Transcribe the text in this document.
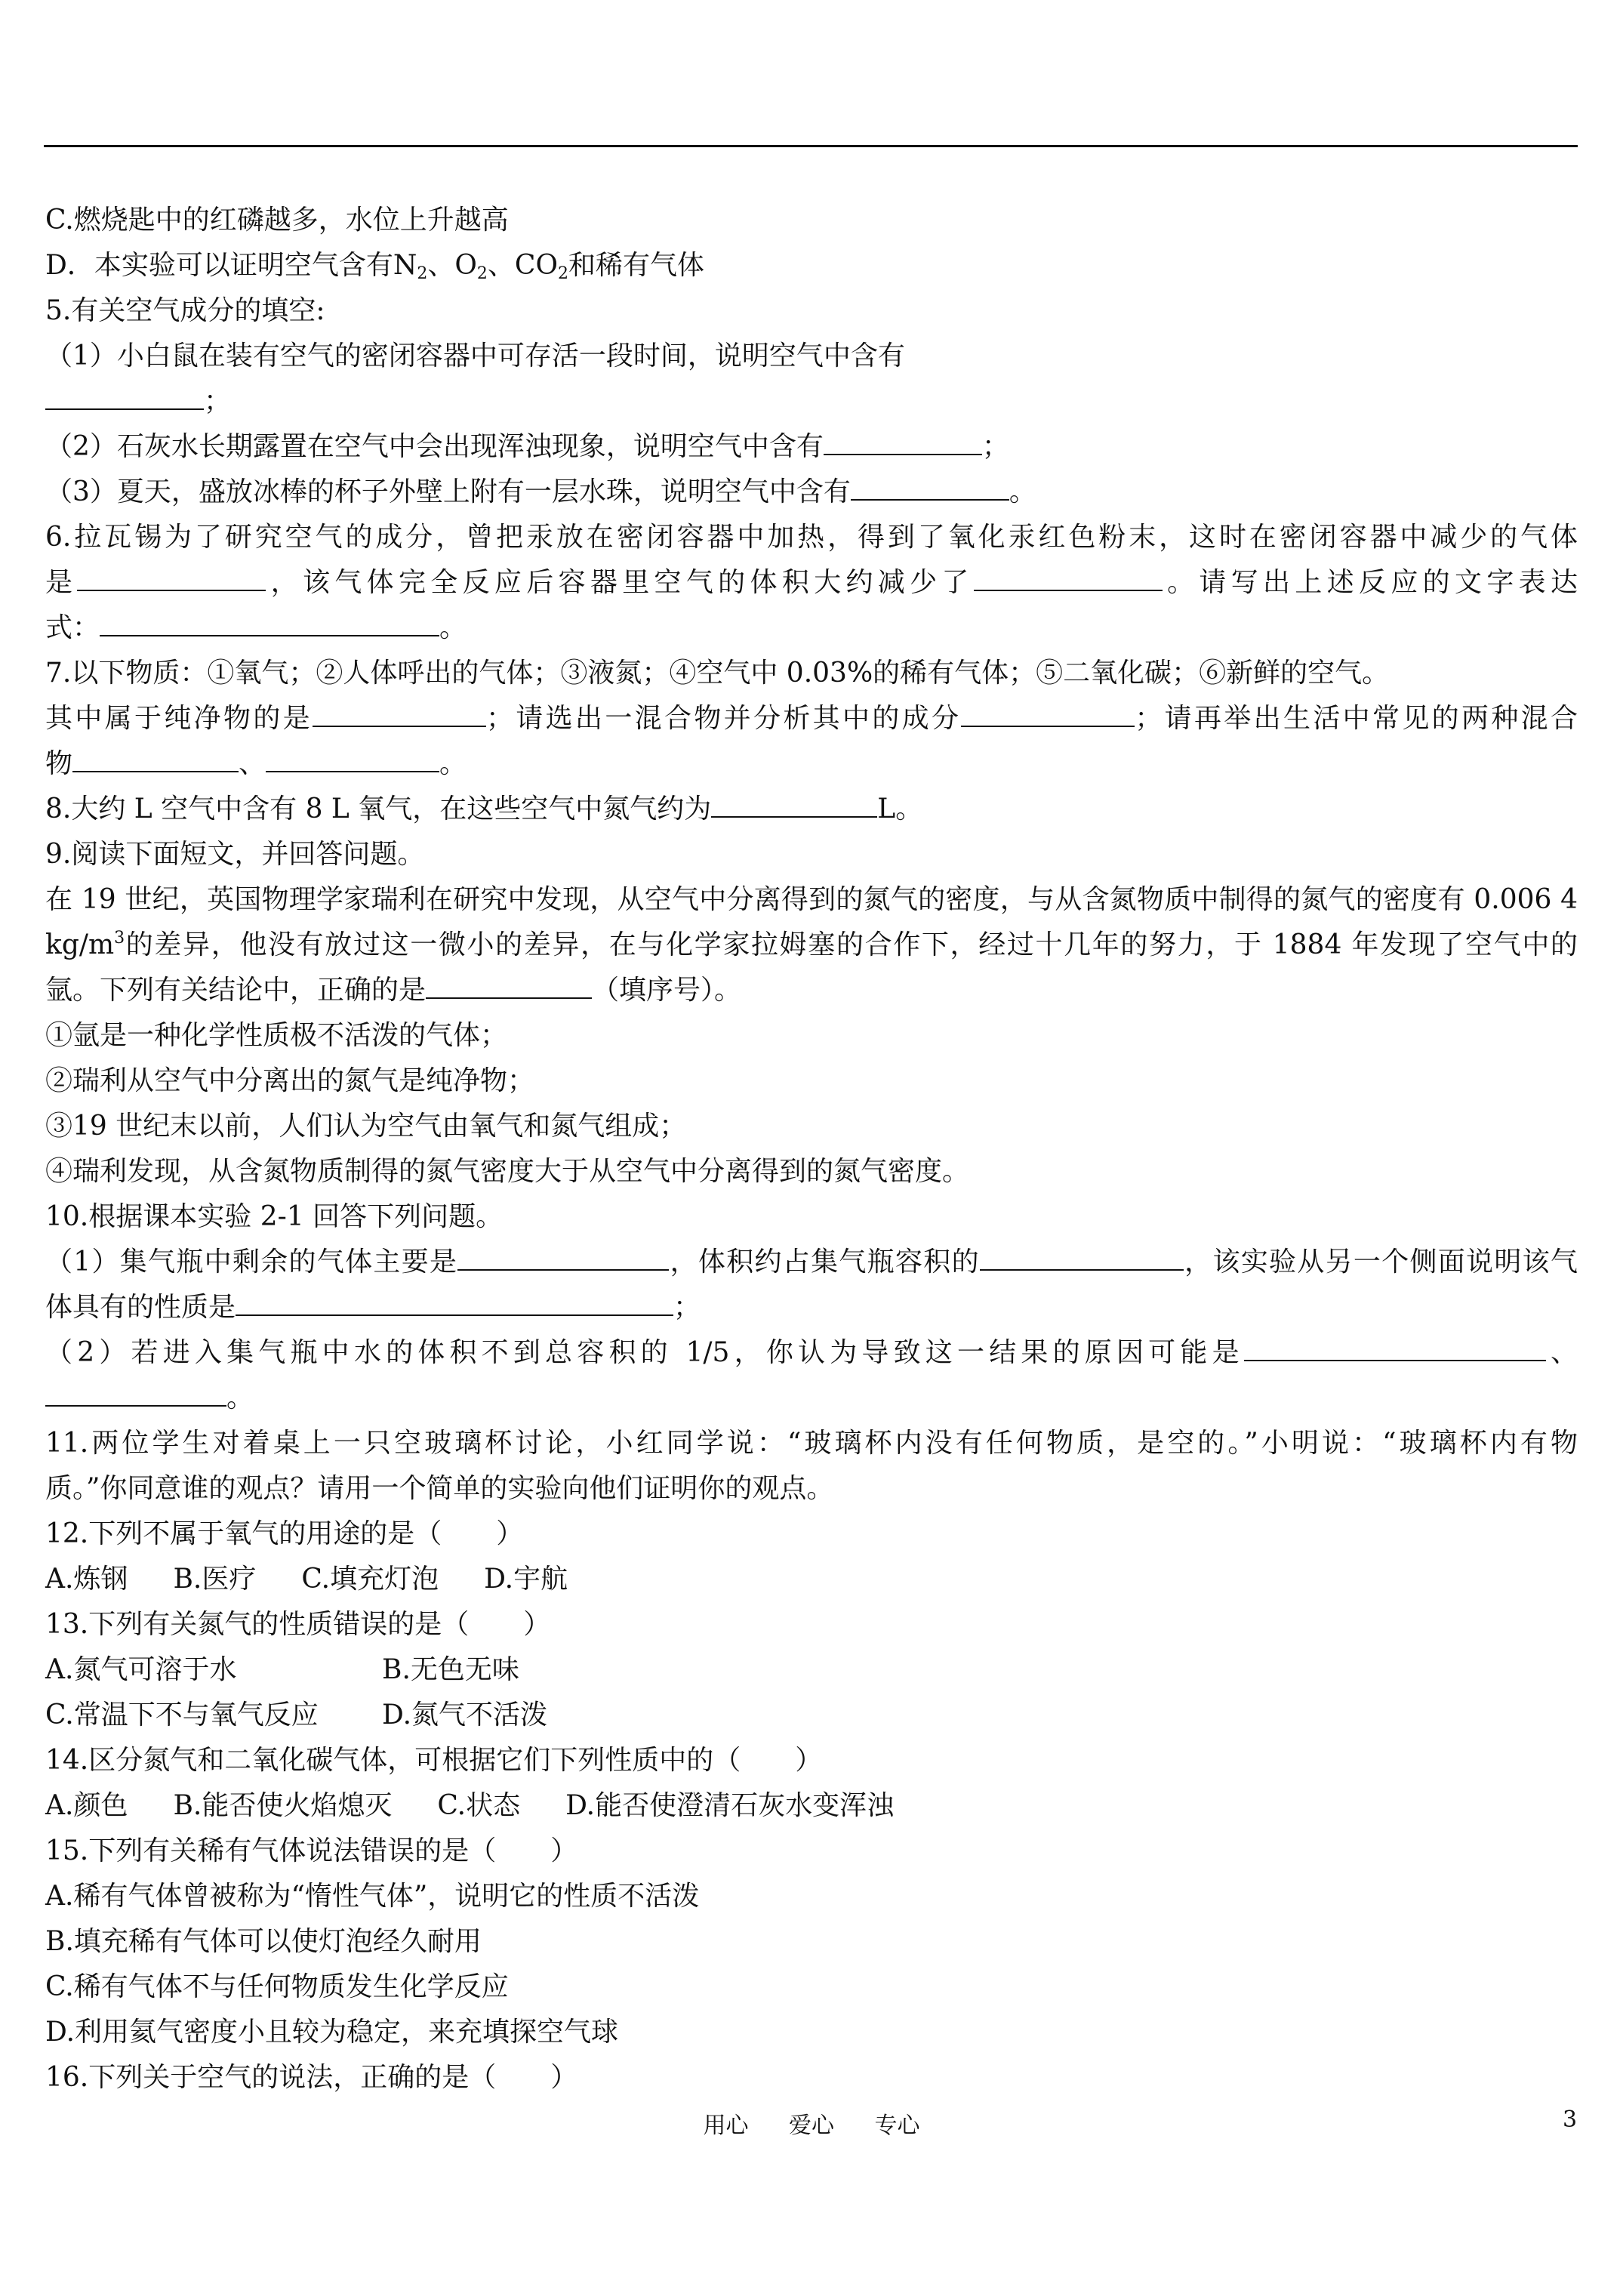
C.燃烧匙中的红磷越多，水位上升越高
D．本实验可以证明空气含有$N_2$、$O_2$、$CO_2$和稀有气体
5.有关空气成分的填空:
（1）小白鼠在装有空气的密闭容器中可存活一段时间，说明空气中含有
；
（2）石灰水长期露置在空气中会出现浑浊现象，说明空气中含有	；
（3）夏天，盛放冰棒的杯子外壁上附有一层水珠，说明空气中含有	。
6.拉瓦锡为了研究空气的成分，曾把汞放在密闭容器中加热，得到了氧化汞红色粉末，这时在密闭容器中减少的气体
是	，该气体完全反应后容器里空气的体积大约减少了	。请写出上述反应的文字表达
式：	。
7.以下物质：①氧气；②人体呼出的气体；③液氮；④空气中 0.03%的稀有气体；⑤二氧化碳；⑥新鲜的空气。
其中属于纯净物的是	；请选出一混合物并分析其中的成分	；请再举出生活中常见的两种混合
物	、	。
8.大约 L 空气中含有 8 L 氧气，在这些空气中氮气约为	L。
9.阅读下面短文，并回答问题。
在 19 世纪，英国物理学家瑞利在研究中发现，从空气中分离得到的氮气的密度，与从含氮物质中制得的氮气的密度有 0.006 4
$kg/m^3$的差异，他没有放过这一微小的差异，在与化学家拉姆塞的合作下，经过十几年的努力，于 1884 年发现了空气中的
氩。下列有关结论中，正确的是	（填序号）。
①氩是一种化学性质极不活泼的气体；
②瑞利从空气中分离出的氮气是纯净物；
③19 世纪末以前，人们认为空气由氧气和氮气组成；
④瑞利发现，从含氮物质制得的氮气密度大于从空气中分离得到的氮气密度。
10.根据课本实验 2-1 回答下列问题。
（1）集气瓶中剩余的气体主要是	，体积约占集气瓶容积的	，该实验从另一个侧面说明该气
体具有的性质是	；
（2）若进入集气瓶中水的体积不到总容积的 1/5，你认为导致这一结果的原因可能是	、
。
11.两位学生对着桌上一只空玻璃杯讨论，小红同学说：“玻璃杯内没有任何物质，是空的。”小明说：“玻璃杯内有物
质。”你同意谁的观点？请用一个简单的实验向他们证明你的观点。
12.下列不属于氧气的用途的是（　　）
A.炼钢 B.医疗 C.填充灯泡 D.宇航
13.下列有关氮气的性质错误的是（　　）
A.氮气可溶于水	B.无色无味
C.常温下不与氧气反应 D.氮气不活泼
14.区分氮气和二氧化碳气体，可根据它们下列性质中的（　　）
A.颜色 B.能否使火焰熄灭 C.状态 D.能否使澄清石灰水变浑浊
15.下列有关稀有气体说法错误的是（　　）
A.稀有气体曾被称为“惰性气体”，说明它的性质不活泼
B.填充稀有气体可以使灯泡经久耐用
C.稀有气体不与任何物质发生化学反应
D.利用氦气密度小且较为稳定，来充填探空气球
16.下列关于空气的说法，正确的是（　　）
用心 爱心 专心	3
